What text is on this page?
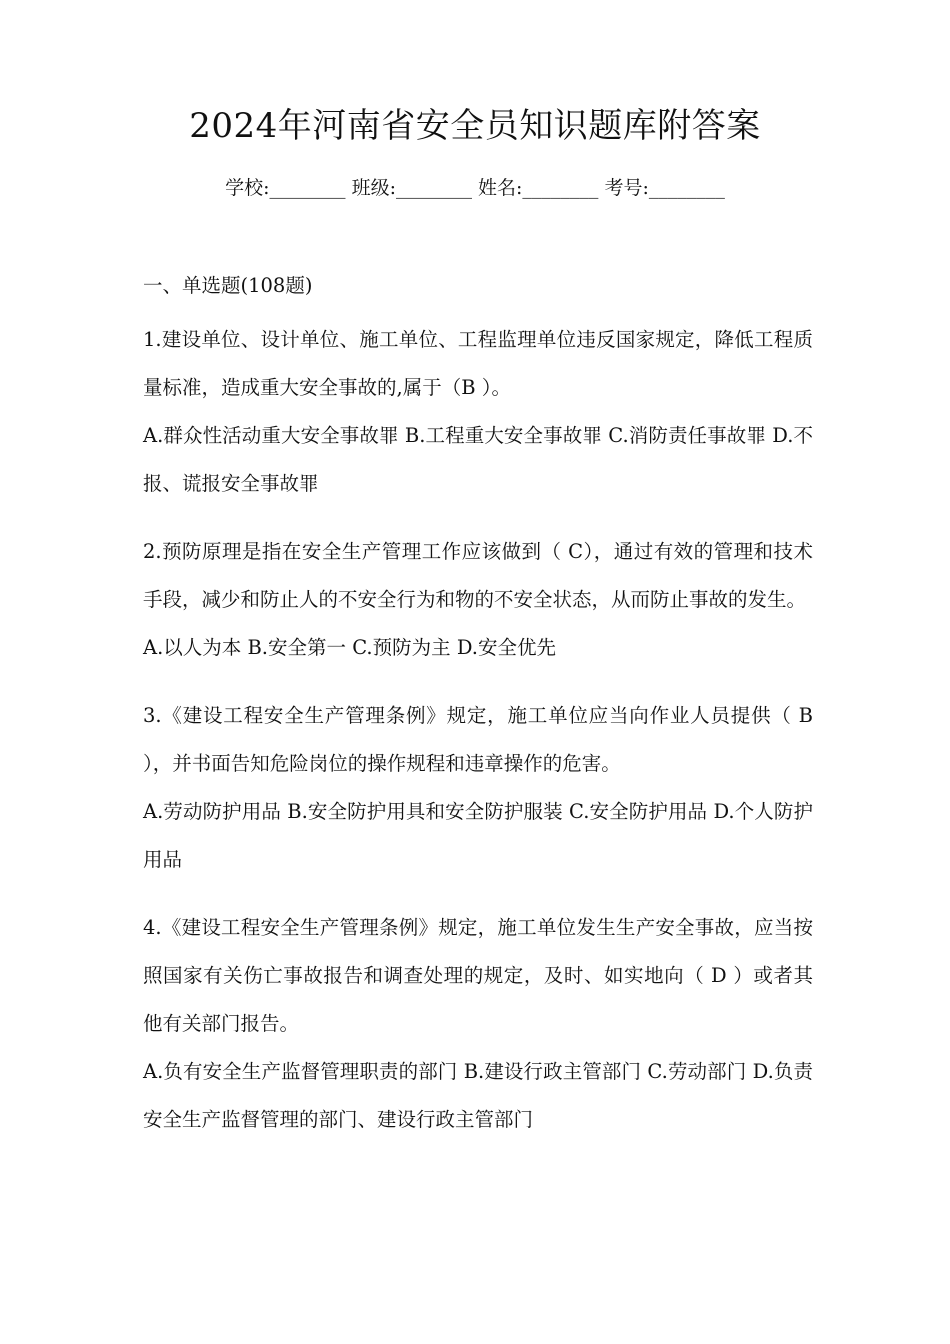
2024年河南省安全员知识题库附答案
学校:________ 班级:________ 姓名:________ 考号:________
一、单选题(108题)
1.建设单位、设计单位、施工单位、工程监理单位违反国家规定，降低工程质量标准，造成重大安全事故的,属于（B ）。
A.群众性活动重大安全事故罪 B.工程重大安全事故罪 C.消防责任事故罪 D.不报、谎报安全事故罪
2.预防原理是指在安全生产管理工作应该做到（ C），通过有效的管理和技术手段，减少和防止人的不安全行为和物的不安全状态，从而防止事故的发生。
A.以人为本 B.安全第一 C.预防为主 D.安全优先
3.《建设工程安全生产管理条例》规定，施工单位应当向作业人员提供（ B ），并书面告知危险岗位的操作规程和违章操作的危害。
A.劳动防护用品 B.安全防护用具和安全防护服装 C.安全防护用品 D.个人防护用品
4.《建设工程安全生产管理条例》规定，施工单位发生生产安全事故，应当按照国家有关伤亡事故报告和调查处理的规定，及时、如实地向（ D ）或者其他有关部门报告。
A.负有安全生产监督管理职责的部门 B.建设行政主管部门 C.劳动部门 D.负责安全生产监督管理的部门、建设行政主管部门
